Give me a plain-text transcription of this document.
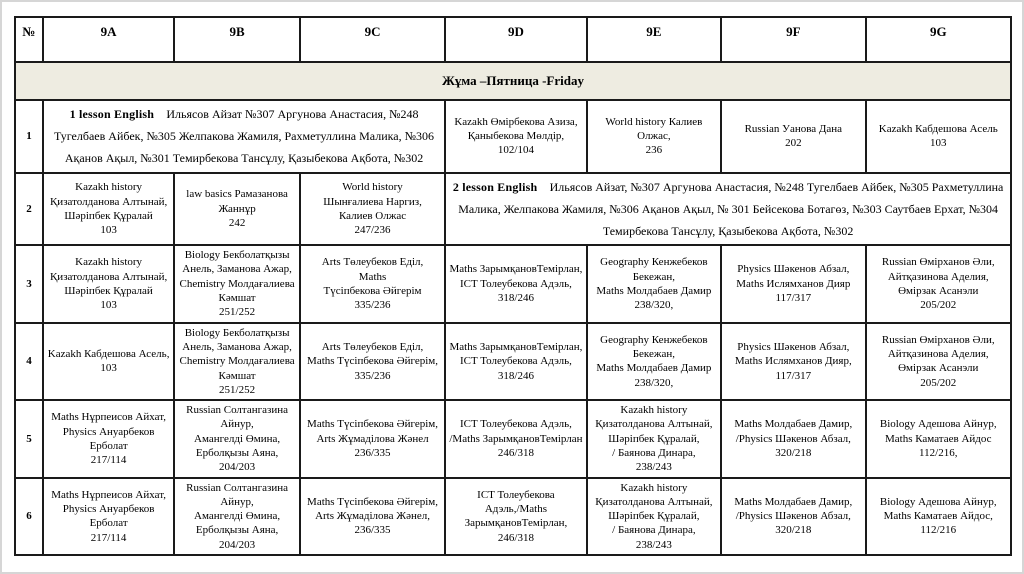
№	9A	9B	9C	9D	9E	9F	9G
Жұма –Пятница -Friday							
1	1 lesson English Ильясов Айзат №307 Аргунова Анастасия, №248 Тугелбаев Айбек, №305 Желпакова Жамиля, Рахметуллина Малика, №306 Ақанов Ақыл, №301 Темирбекова Тансұлу, Қазыбекова Ақбота, №302			Kazakh Өмірбекова Азиза,
Қаныбекова Мөлдір,
102/104	World history Калиев
Олжас,
236	Russian Уанова Дана
202	Kazakh Кабдешова Асель
103
2	Kazakh history
Қизатолданова Алтынай,
Шәріпбек Құралай
103	law basics Рамазанова
Жаннұр
242	World history
Шынғалиева Наргиз,
Калиев Олжас
247/236	2 lesson English Ильясов Айзат, №307 Аргунова Анастасия, №248 Тугелбаев Айбек, №305 Рахметуллина Малика, Желпакова Жамиля, №306 Ақанов Ақыл, № 301 Бейсекова Ботагөз, №303 Саутбаев Ерхат, №304 Темирбекова Тансұлу, Қазыбекова Ақбота, №302
3	Kazakh history
Қизатолданова Алтынай,
Шәріпбек Құралай
103	Biology Бекболатқызы
Анель, Заманова Ажар,
Chemistry Молдағалиева
Кәмшат
251/252	Arts Төлеубеков Еділ,
Maths
Түсіпбекова Әйгерім
335/236	Maths ЗарымқановТемірлан,
ICT Толеубекова Адэль,
318/246	Geography Кенжебеков
Бекежан,
Maths Молдабаев Дамир
238/320,	Physics Шәкенов Абзал,
Maths Ислямханов Дияр
117/317	Russian Өмірханов Әли,
Айтқазинова Аделия,
Өмірзак Асанэли
205/202
4	Kazakh Кабдешова Асель,
103	Biology Бекболатқызы
Анель, Заманова Ажар,
Chemistry Молдағалиева
Кәмшат
251/252	Arts Төлеубеков Еділ,
Maths Түсіпбекова Әйгерім,
335/236	Maths ЗарымқановТемірлан,
ICT Толеубекова Адэль,
318/246	Geography Кенжебеков
Бекежан,
Maths Молдабаев Дамир
238/320,	Physics Шәкенов Абзал,
Maths Ислямханов Дияр,
117/317	Russian Өмірханов Әли,
Айтқазинова Аделия,
Өмірзак Асанэли
205/202
5	Maths Нұрпеисов Айхат,
Physics Ануарбеков
Ерболат
217/114	Russian Солтангазина
Айнур,
Амангелді Өмина,
Ерболқызы Аяна,
204/203	Maths Түсіпбекова Әйгерім,
Arts Жұмаділова Жәнел
236/335	ICT Толеубекова Адэль,
/Maths ЗарымқановТемірлан
246/318	Kazakh history
Қизатолданова Алтынай,
Шәріпбек Құралай,
/ Баянова Динара,
238/243	Maths Молдабаев Дамир,
/Physics Шәкенов Абзал,
320/218	Biology Адешова Айнур,
Maths Каматаев Айдос
112/216,
6	Maths Нұрпеисов Айхат,
Physics Ануарбеков
Ерболат
217/114	Russian Солтангазина
Айнур,
Амангелді Өмина,
Ерболқызы Аяна,
204/203	Maths Түсіпбекова Әйгерім,
Arts Жұмаділова Жәнел,
236/335	ICT Толеубекова
Адэль,/Maths
ЗарымқановТемірлан,
246/318	Kazakh history
Қизатолданова Алтынай,
Шәріпбек Құралай,
/ Баянова Динара,
238/243	Maths Молдабаев Дамир,
/Physics Шәкенов Абзал,
320/218	Biology Адешова Айнур,
Maths Каматаев Айдос,
112/216
